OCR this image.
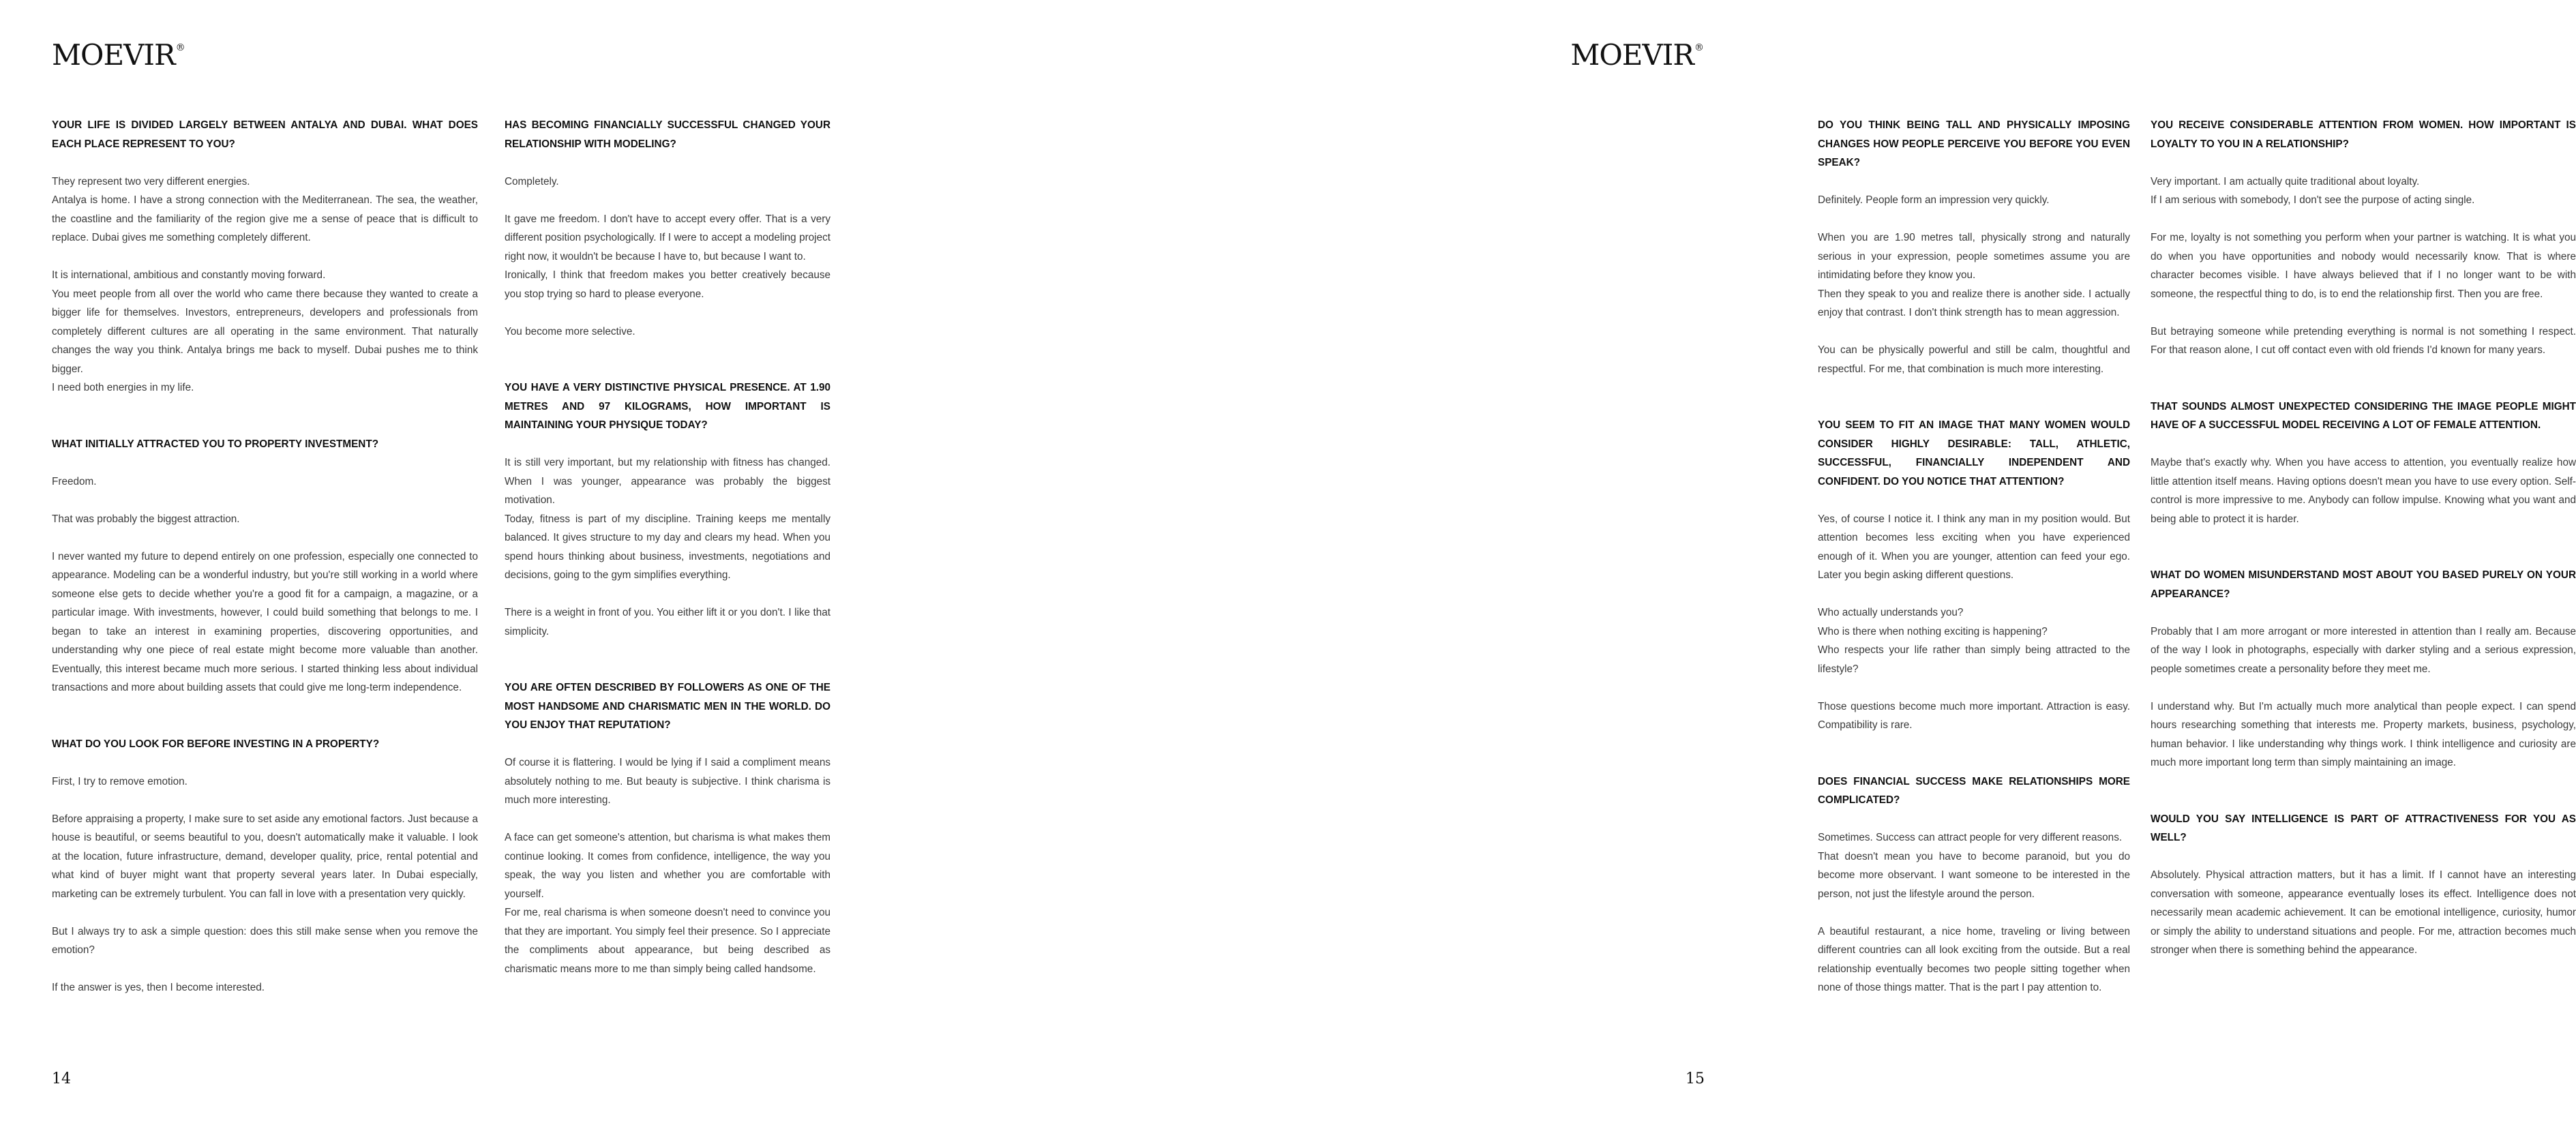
MOEVIR®

YOUR LIFE IS DIVIDED LARGELY BETWEEN ANTALYA AND DUBAI. WHAT DOES EACH PLACE REPRESENT TO YOU?

They represent two very different energies.

Antalya is home. I have a strong connection with the Mediterranean. The sea, the weather, the coastline and the familiarity of the region give me a sense of peace that is difficult to replace. Dubai gives me something completely different.

It is international, ambitious and constantly moving forward.

You meet people from all over the world who came there because they wanted to create a bigger life for themselves. Investors, entrepreneurs, developers and professionals from completely different cultures are all operating in the same environment. That naturally changes the way you think. Antalya brings me back to myself. Dubai pushes me to think bigger.

I need both energies in my life.

WHAT INITIALLY ATTRACTED YOU TO PROPERTY INVESTMENT?

Freedom.

That was probably the biggest attraction.

I never wanted my future to depend entirely on one profession, especially one connected to appearance. Modeling can be a wonderful industry, but you're still working in a world where someone else gets to decide whether you're a good fit for a campaign, a magazine, or a particular image. With investments, however, I could build something that belongs to me. I began to take an interest in examining properties, discovering opportunities, and understanding why one piece of real estate might become more valuable than another. Eventually, this interest became much more serious. I started thinking less about individual transactions and more about building assets that could give me long-term independence.

WHAT DO YOU LOOK FOR BEFORE INVESTING IN A PROPERTY?

First, I try to remove emotion.

Before appraising a property, I make sure to set aside any emotional factors. Just because a house is beautiful, or seems beautiful to you, doesn't automatically make it valuable. I look at the location, future infrastructure, demand, developer quality, price, rental potential and what kind of buyer might want that property several years later. In Dubai especially, marketing can be extremely turbulent. You can fall in love with a presentation very quickly.

But I always try to ask a simple question: does this still make sense when you remove the emotion?

If the answer is yes, then I become interested.

HAS BECOMING FINANCIALLY SUCCESSFUL CHANGED YOUR RELATIONSHIP WITH MODELING?

Completely.

It gave me freedom. I don't have to accept every offer. That is a very different position psychologically. If I were to accept a modeling project right now, it wouldn't be because I have to, but because I want to.

Ironically, I think that freedom makes you better creatively because you stop trying so hard to please everyone.

You become more selective.

YOU HAVE A VERY DISTINCTIVE PHYSICAL PRESENCE. AT 1.90 METRES AND 97 KILOGRAMS, HOW IMPORTANT IS MAINTAINING YOUR PHYSIQUE TODAY?

It is still very important, but my relationship with fitness has changed. When I was younger, appearance was probably the biggest motivation.

Today, fitness is part of my discipline. Training keeps me mentally balanced. It gives structure to my day and clears my head. When you spend hours thinking about business, investments, negotiations and decisions, going to the gym simplifies everything.

There is a weight in front of you. You either lift it or you don't. I like that simplicity.

YOU ARE OFTEN DESCRIBED BY FOLLOWERS AS ONE OF THE MOST HANDSOME AND CHARISMATIC MEN IN THE WORLD. DO YOU ENJOY THAT REPUTATION?

Of course it is flattering. I would be lying if I said a compliment means absolutely nothing to me. But beauty is subjective. I think charisma is much more interesting.

A face can get someone's attention, but charisma is what makes them continue looking. It comes from confidence, intelligence, the way you speak, the way you listen and whether you are comfortable with yourself.

For me, real charisma is when someone doesn't need to convince you that they are important. You simply feel their presence. So I appreciate the compliments about appearance, but being described as charismatic means more to me than simply being called handsome.

14
MOEVIR®

DO YOU THINK BEING TALL AND PHYSICALLY IMPOSING CHANGES HOW PEOPLE PERCEIVE YOU BEFORE YOU EVEN SPEAK?

Definitely. People form an impression very quickly.

When you are 1.90 metres tall, physically strong and naturally serious in your expression, people sometimes assume you are intimidating before they know you.

Then they speak to you and realize there is another side. I actually enjoy that contrast. I don't think strength has to mean aggression.

You can be physically powerful and still be calm, thoughtful and respectful. For me, that combination is much more interesting.

YOU SEEM TO FIT AN IMAGE THAT MANY WOMEN WOULD CONSIDER HIGHLY DESIRABLE: TALL, ATHLETIC, SUCCESSFUL, FINANCIALLY INDEPENDENT AND CONFIDENT. DO YOU NOTICE THAT ATTENTION?

Yes, of course I notice it. I think any man in my position would. But attention becomes less exciting when you have experienced enough of it. When you are younger, attention can feed your ego. Later you begin asking different questions.

Who actually understands you?

Who is there when nothing exciting is happening?

Who respects your life rather than simply being attracted to the lifestyle?

Those questions become much more important. Attraction is easy. Compatibility is rare.

DOES FINANCIAL SUCCESS MAKE RELATIONSHIPS MORE COMPLICATED?

Sometimes. Success can attract people for very different reasons.

That doesn't mean you have to become paranoid, but you do become more observant. I want someone to be interested in the person, not just the lifestyle around the person.

A beautiful restaurant, a nice home, traveling or living between different countries can all look exciting from the outside. But a real relationship eventually becomes two people sitting together when none of those things matter. That is the part I pay attention to.

YOU RECEIVE CONSIDERABLE ATTENTION FROM WOMEN. HOW IMPORTANT IS LOYALTY TO YOU IN A RELATIONSHIP?

Very important. I am actually quite traditional about loyalty.

If I am serious with somebody, I don't see the purpose of acting single.

For me, loyalty is not something you perform when your partner is watching. It is what you do when you have opportunities and nobody would necessarily know. That is where character becomes visible. I have always believed that if I no longer want to be with someone, the respectful thing to do, is to end the relationship first. Then you are free.

But betraying someone while pretending everything is normal is not something I respect. For that reason alone, I cut off contact even with old friends I'd known for many years.

THAT SOUNDS ALMOST UNEXPECTED CONSIDERING THE IMAGE PEOPLE MIGHT HAVE OF A SUCCESSFUL MODEL RECEIVING A LOT OF FEMALE ATTENTION.

Maybe that's exactly why. When you have access to attention, you eventually realize how little attention itself means. Having options doesn't mean you have to use every option. Self-control is more impressive to me. Anybody can follow impulse. Knowing what you want and being able to protect it is harder.

WHAT DO WOMEN MISUNDERSTAND MOST ABOUT YOU BASED PURELY ON YOUR APPEARANCE?

Probably that I am more arrogant or more interested in attention than I really am. Because of the way I look in photographs, especially with darker styling and a serious expression, people sometimes create a personality before they meet me.

I understand why. But I'm actually much more analytical than people expect. I can spend hours researching something that interests me. Property markets, business, psychology, human behavior. I like understanding why things work. I think intelligence and curiosity are much more important long term than simply maintaining an image.

WOULD YOU SAY INTELLIGENCE IS PART OF ATTRACTIVENESS FOR YOU AS WELL?

Absolutely. Physical attraction matters, but it has a limit. If I cannot have an interesting conversation with someone, appearance eventually loses its effect. Intelligence does not necessarily mean academic achievement. It can be emotional intelligence, curiosity, humor or simply the ability to understand situations and people. For me, attraction becomes much stronger when there is something behind the appearance.

15
